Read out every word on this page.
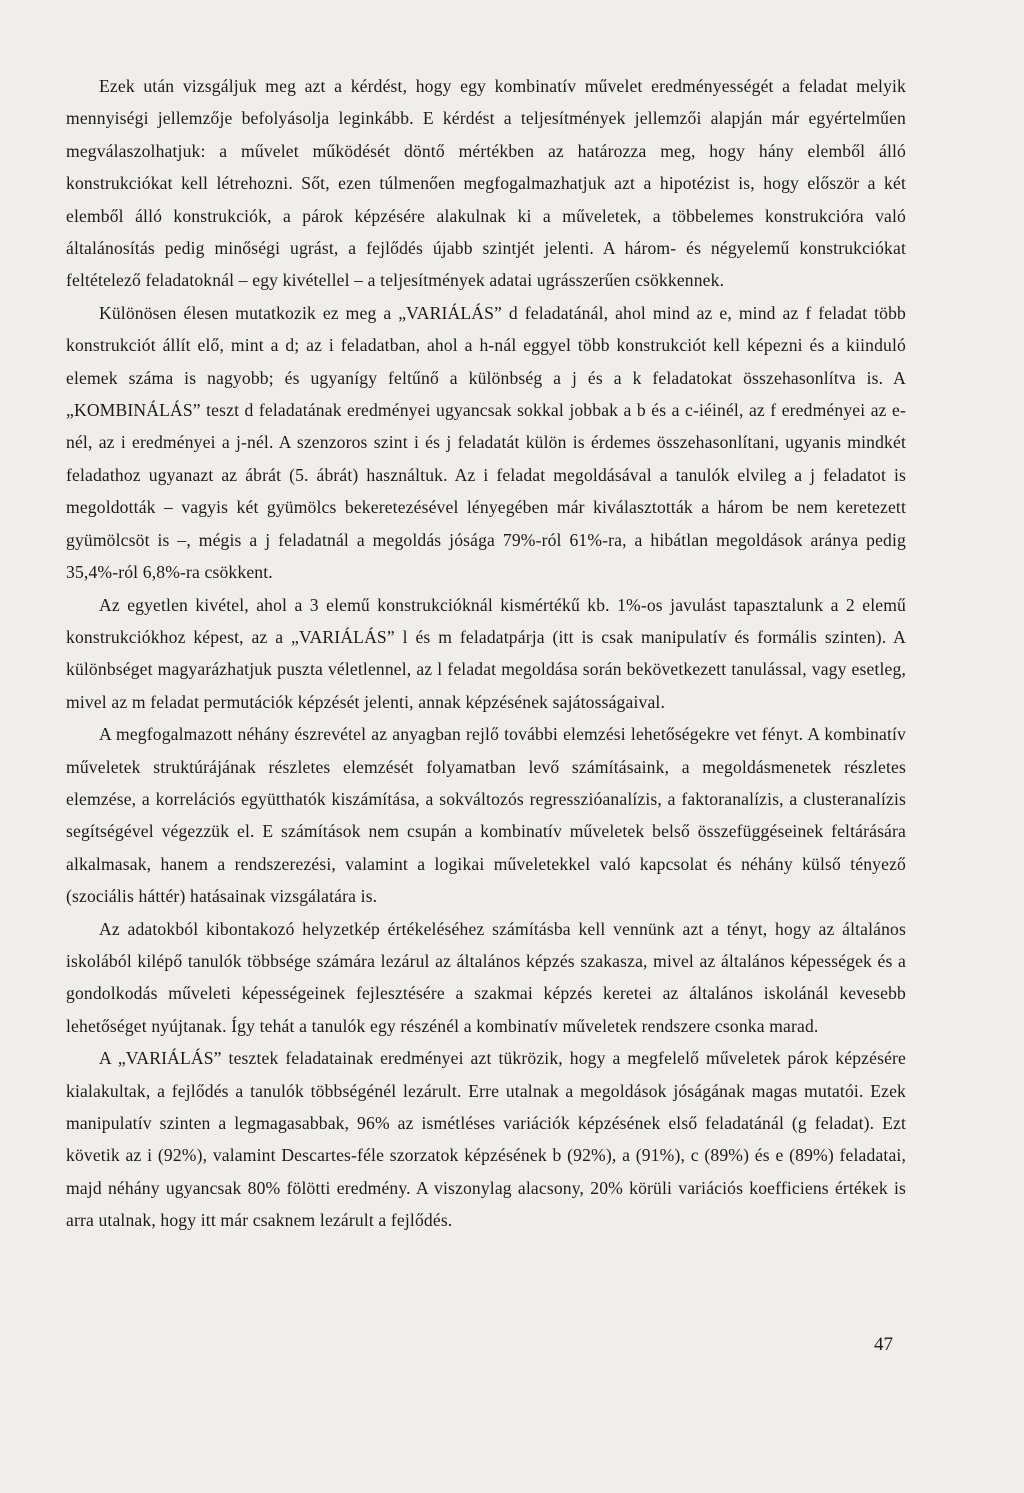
Ezek után vizsgáljuk meg azt a kérdést, hogy egy kombinatív művelet eredményességét a feladat melyik mennyiségi jellemzője befolyásolja leginkább. E kérdést a teljesítmények jellemzői alapján már egyértelműen megválaszolhatjuk: a művelet működését döntő mértékben az határozza meg, hogy hány elemből álló konstrukciókat kell létrehozni. Sőt, ezen túlmenően megfogalmazhatjuk azt a hipotézist is, hogy először a két elemből álló konstrukciók, a párok képzésére alakulnak ki a műveletek, a többelemes konstrukcióra való általánosítás pedig minőségi ugrást, a fejlődés újabb szintjét jelenti. A három- és négyelemű konstrukciókat feltételező feladatoknál – egy kivétellel – a teljesítmények adatai ugrásszerűen csökkennek.

Különösen élesen mutatkozik ez meg a „VARIÁLÁS” d feladatánál, ahol mind az e, mind az f feladat több konstrukciót állít elő, mint a d; az i feladatban, ahol a h-nál eggyel több konstrukciót kell képezni és a kiinduló elemek száma is nagyobb; és ugyanígy feltűnő a különbség a j és a k feladatokat összehasonlítva is. A „KOMBINÁLÁS” teszt d feladatának eredményei ugyancsak sokkal jobbak a b és a c-iéinél, az f eredményei az e-nél, az i eredményei a j-nél. A szenzoros szint i és j feladatát külön is érdemes összehasonlítani, ugyanis mindkét feladathoz ugyanazt az ábrát (5. ábrát) használtuk. Az i feladat megoldásával a tanulók elvileg a j feladatot is megoldották – vagyis két gyümölcs bekeretezésével lényegében már kiválasztották a három be nem keretezett gyümölcsöt is –, mégis a j feladatnál a megoldás jósága 79%-ról 61%-ra, a hibátlan megoldások aránya pedig 35,4%-ról 6,8%-ra csökkent.

Az egyetlen kivétel, ahol a 3 elemű konstrukcióknál kismértékű kb. 1%-os javulást tapasztalunk a 2 elemű konstrukciókhoz képest, az a „VARIÁLÁS” l és m feladatpárja (itt is csak manipulatív és formális szinten). A különbséget magyarázhatjuk puszta véletlennel, az l feladat megoldása során bekövetkezett tanulással, vagy esetleg, mivel az m feladat permutációk képzését jelenti, annak képzésének sajátosságaival.

A megfogalmazott néhány észrevétel az anyagban rejlő további elemzési lehetőségekre vet fényt. A kombinatív műveletek struktúrájának részletes elemzését folyamatban levő számításaink, a megoldásmenetek részletes elemzése, a korrelációs együtthatók kiszámítása, a sokváltozós regresszióanalízis, a faktoranalízis, a clusteranalízis segítségével végezzük el. E számítások nem csupán a kombinatív műveletek belső összefüggéseinek feltárására alkalmasak, hanem a rendszerezési, valamint a logikai műveletekkel való kapcsolat és néhány külső tényező (szociális háttér) hatásainak vizsgálatára is.

Az adatokból kibontakozó helyzetkép értékeléséhez számításba kell vennünk azt a tényt, hogy az általános iskolából kilépő tanulók többsége számára lezárul az általános képzés szakasza, mivel az általános képességek és a gondolkodás műveleti képességeinek fejlesztésére a szakmai képzés keretei az általános iskolánál kevesebb lehetőséget nyújtanak. Így tehát a tanulók egy részénél a kombinatív műveletek rendszere csonka marad.

A „VARIÁLÁS” tesztek feladatainak eredményei azt tükrözik, hogy a megfelelő műveletek párok képzésére kialakultak, a fejlődés a tanulók többségénél lezárult. Erre utalnak a megoldások jóságának magas mutatói. Ezek manipulatív szinten a legmagasabbak, 96% az ismétléses variációk képzésének első feladatánál (g feladat). Ezt követik az i (92%), valamint Descartes-féle szorzatok képzésének b (92%), a (91%), c (89%) és e (89%) feladatai, majd néhány ugyancsak 80% fölötti eredmény. A viszonylag alacsony, 20% körüli variációs koefficiens értékek is arra utalnak, hogy itt már csaknem lezárult a fejlődés.

47
